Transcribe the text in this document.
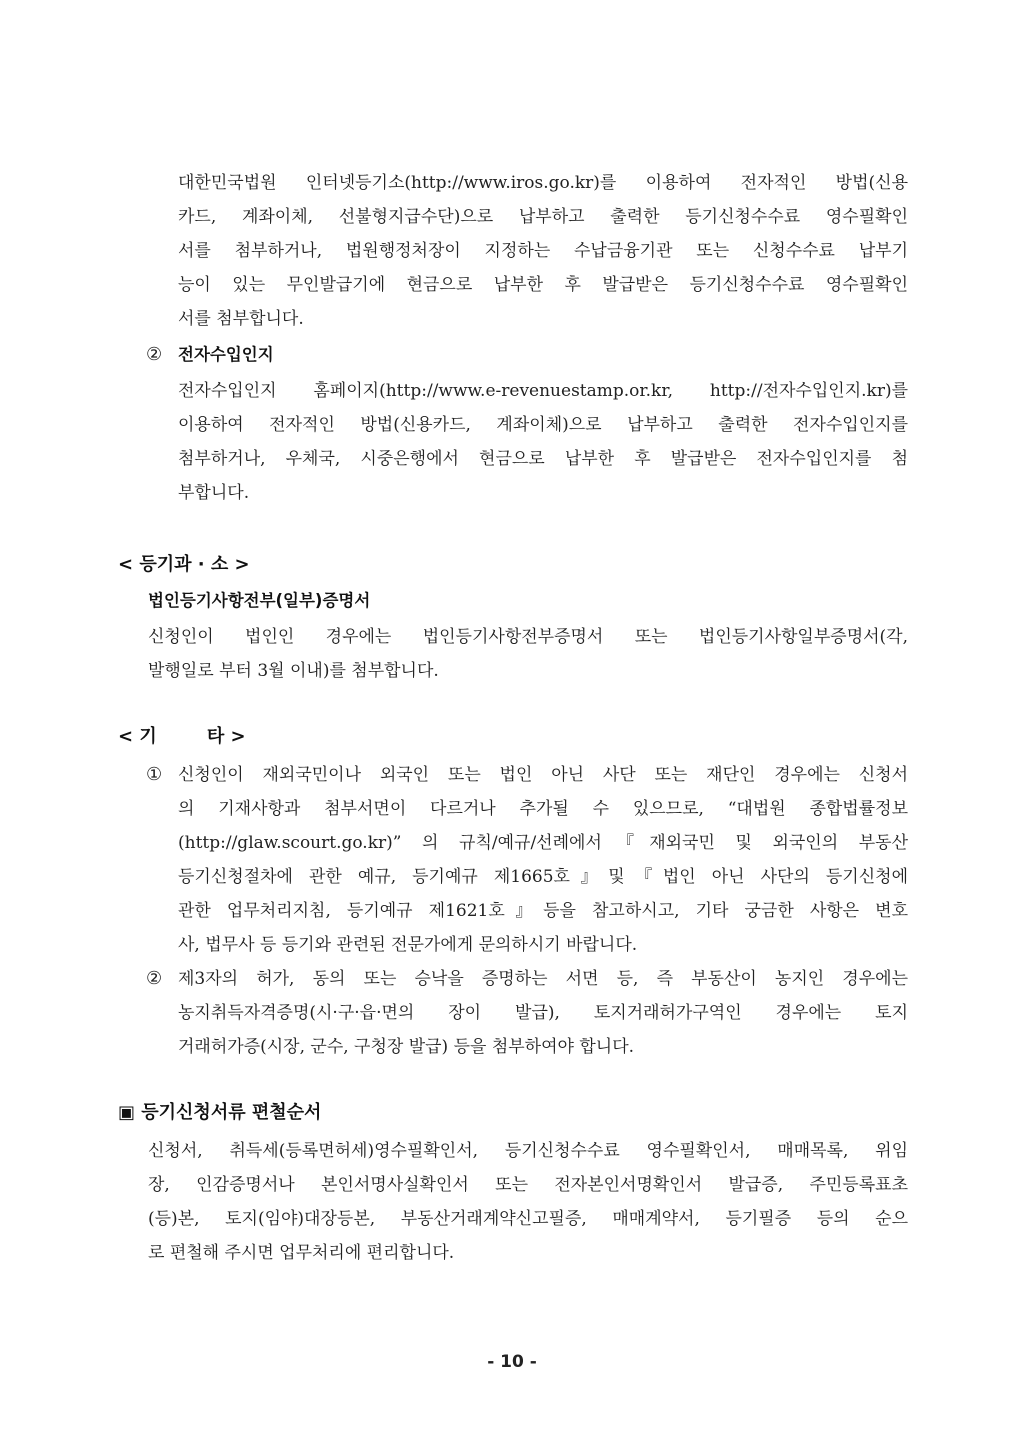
대한민국법원 인터넷등기소(http://www.iros.go.kr)를 이용하여 전자적인 방법(신용
카드, 계좌이체, 선불형지급수단)으로 납부하고 출력한 등기신청수수료 영수필확인
서를 첨부하거나, 법원행정처장이 지정하는 수납금융기관 또는 신청수수료 납부기
능이 있는 무인발급기에 현금으로 납부한 후 발급받은 등기신청수수료 영수필확인
서를 첨부합니다.
② 전자수입인지
전자수입인지 홈페이지(http://www.e-revenuestamp.or.kr, http://전자수입인지.kr)를
이용하여 전자적인 방법(신용카드, 계좌이체)으로 납부하고 출력한 전자수입인지를
첨부하거나, 우체국, 시중은행에서 현금으로 납부한 후 발급받은 전자수입인지를 첨
부합니다.
< 등기과 · 소 >
법인등기사항전부(일부)증명서
신청인이 법인인 경우에는 법인등기사항전부증명서 또는 법인등기사항일부증명서(각,
발행일로 부터 3월 이내)를 첨부합니다.
< 기        타 >
① 신청인이 재외국민이나 외국인 또는 법인 아닌 사단 또는 재단인 경우에는 신청서
의 기재사항과 첨부서면이 다르거나 추가될 수 있으므로, “대법원 종합법률정보
(http://glaw.scourt.go.kr)” 의 규칙/예규/선례에서『재외국민 및 외국인의 부동산
등기신청절차에 관한 예규, 등기예규 제1665호』및『법인 아닌 사단의 등기신청에
관한 업무처리지침, 등기예규 제1621호』등을 참고하시고, 기타 궁금한 사항은 변호
사, 법무사 등 등기와 관련된 전문가에게 문의하시기 바랍니다.
② 제3자의 허가, 동의 또는 승낙을 증명하는 서면 등, 즉 부동산이 농지인 경우에는
농지취득자격증명(시·구·읍·면의 장이 발급), 토지거래허가구역인 경우에는 토지
거래허가증(시장, 군수, 구청장 발급) 등을 첨부하여야 합니다.
▣ 등기신청서류 편철순서
신청서, 취득세(등록면허세)영수필확인서, 등기신청수수료 영수필확인서, 매매목록, 위임
장, 인감증명서나 본인서명사실확인서 또는 전자본인서명확인서 발급증, 주민등록표초
(등)본, 토지(임야)대장등본, 부동산거래계약신고필증, 매매계약서, 등기필증 등의 순으
로 편철해 주시면 업무처리에 편리합니다.
- 10 -
